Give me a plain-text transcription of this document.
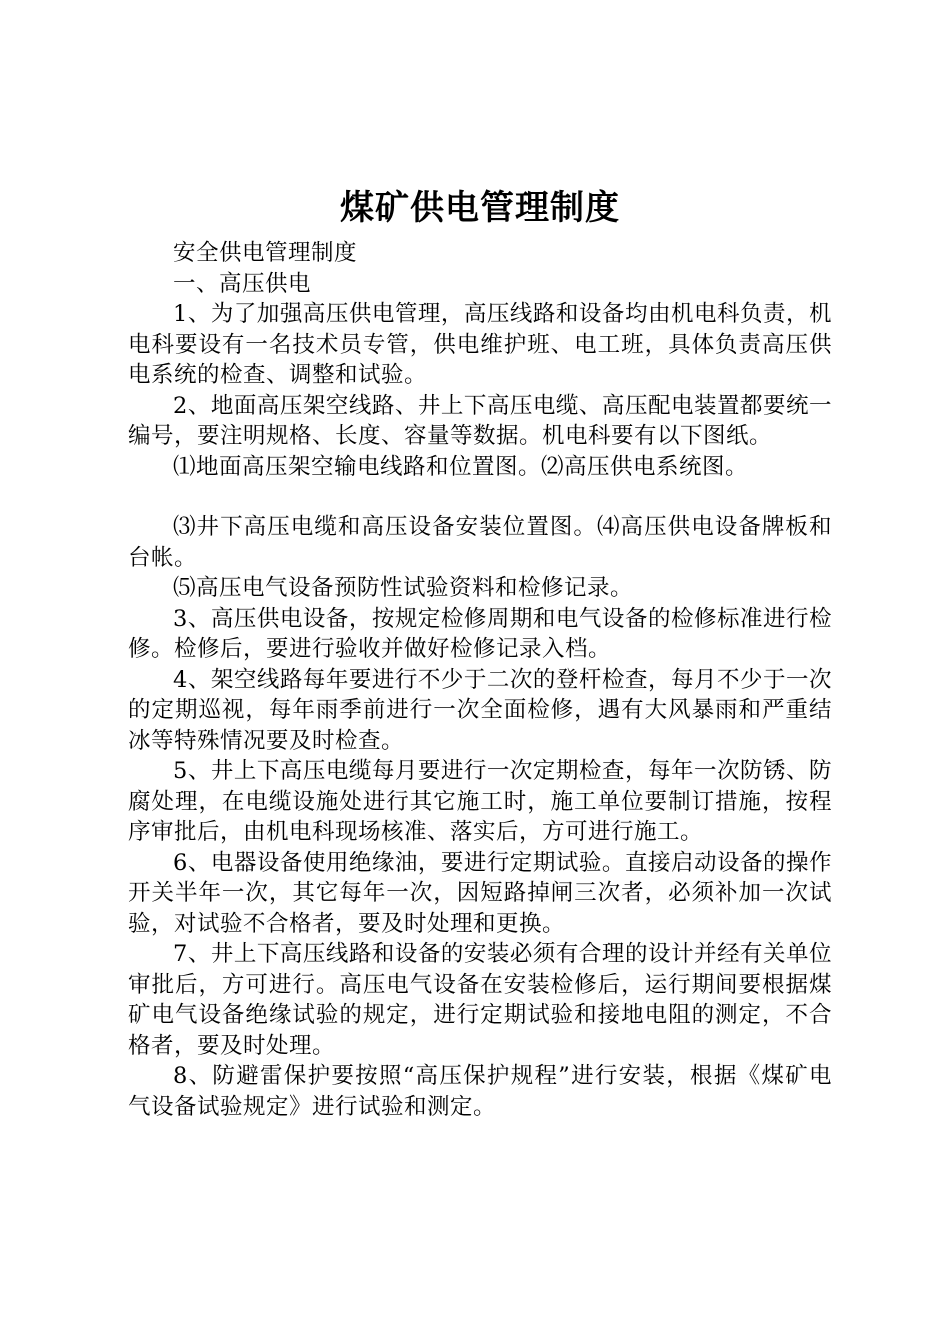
煤矿供电管理制度

安全供电管理制度

一、高压供电

1、为了加强高压供电管理，高压线路和设备均由机电科负责，机电科要设有一名技术员专管，供电维护班、电工班，具体负责高压供电系统的检查、调整和试验。

2、地面高压架空线路、井上下高压电缆、高压配电装置都要统一编号，要注明规格、长度、容量等数据。机电科要有以下图纸。

⑴地面高压架空输电线路和位置图。⑵高压供电系统图。

⑶井下高压电缆和高压设备安装位置图。⑷高压供电设备牌板和台帐。

⑸高压电气设备预防性试验资料和检修记录。

3、高压供电设备，按规定检修周期和电气设备的检修标准进行检修。检修后，要进行验收并做好检修记录入档。

4、架空线路每年要进行不少于二次的登杆检查，每月不少于一次的定期巡视，每年雨季前进行一次全面检修，遇有大风暴雨和严重结冰等特殊情况要及时检查。

5、井上下高压电缆每月要进行一次定期检查，每年一次防锈、防腐处理，在电缆设施处进行其它施工时，施工单位要制订措施，按程序审批后，由机电科现场核准、落实后，方可进行施工。

6、电器设备使用绝缘油，要进行定期试验。直接启动设备的操作开关半年一次，其它每年一次，因短路掉闸三次者，必须补加一次试验，对试验不合格者，要及时处理和更换。

7、井上下高压线路和设备的安装必须有合理的设计并经有关单位审批后，方可进行。高压电气设备在安装检修后，运行期间要根据煤矿电气设备绝缘试验的规定，进行定期试验和接地电阻的测定，不合格者，要及时处理。

8、防避雷保护要按照“高压保护规程”进行安装，根据《煤矿电气设备试验规定》进行试验和测定。
